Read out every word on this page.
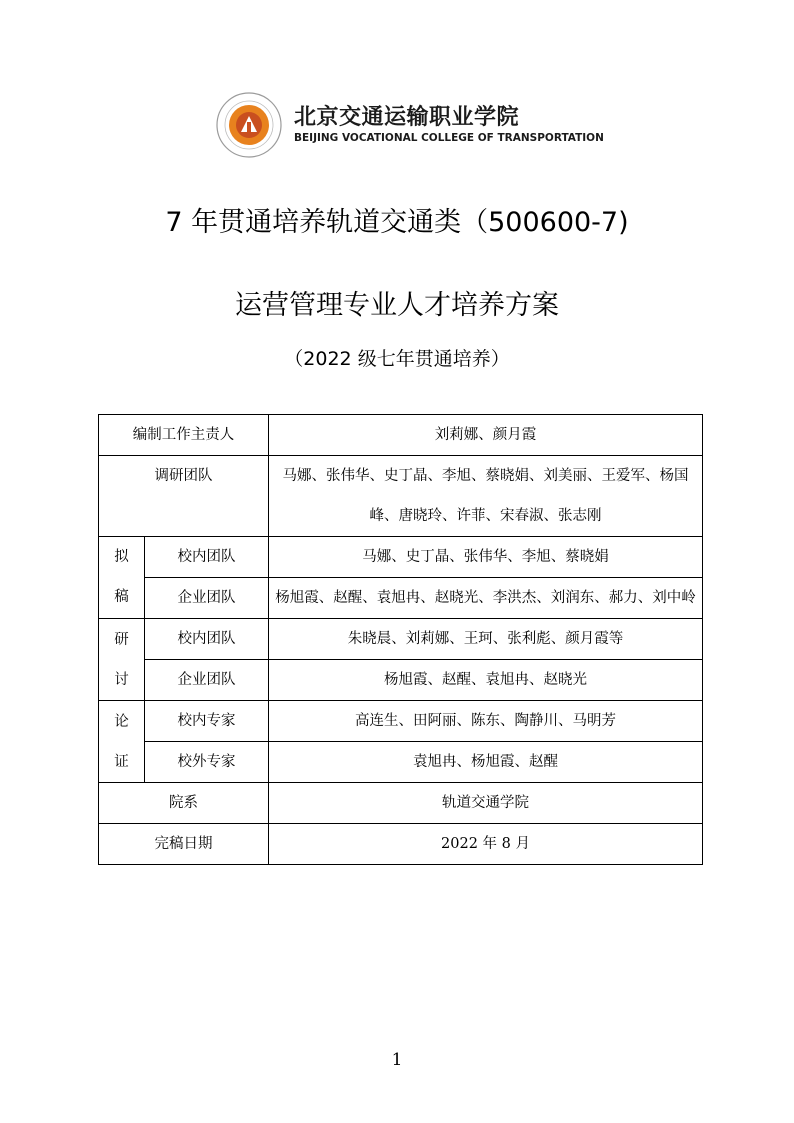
北京交通运输职业学院
BEIJING VOCATIONAL COLLEGE OF TRANSPORTATION
7 年贯通培养轨道交通类（500600-7)
运营管理专业人才培养方案
（2022 级七年贯通培养）
编制工作主责人		刘莉娜、颜月霞
调研团队		马娜、张伟华、史丁晶、李旭、蔡晓娟、刘美丽、王爱军、杨国峰、唐晓玲、许菲、宋春淑、张志刚

拟
稿	校内团队	马娜、史丁晶、张伟华、李旭、蔡晓娟
	企业团队	杨旭霞、赵醒、袁旭冉、赵晓光、李洪杰、刘润东、郝力、刘中岭

研
讨	校内团队	朱晓晨、刘莉娜、王珂、张利彪、颜月霞等
	企业团队	杨旭霞、赵醒、袁旭冉、赵晓光

论
证	校内专家	高连生、田阿丽、陈东、陶静川、马明芳
	校外专家	袁旭冉、杨旭霞、赵醒
院系		轨道交通学院
完稿日期		2022 年 8 月
1
